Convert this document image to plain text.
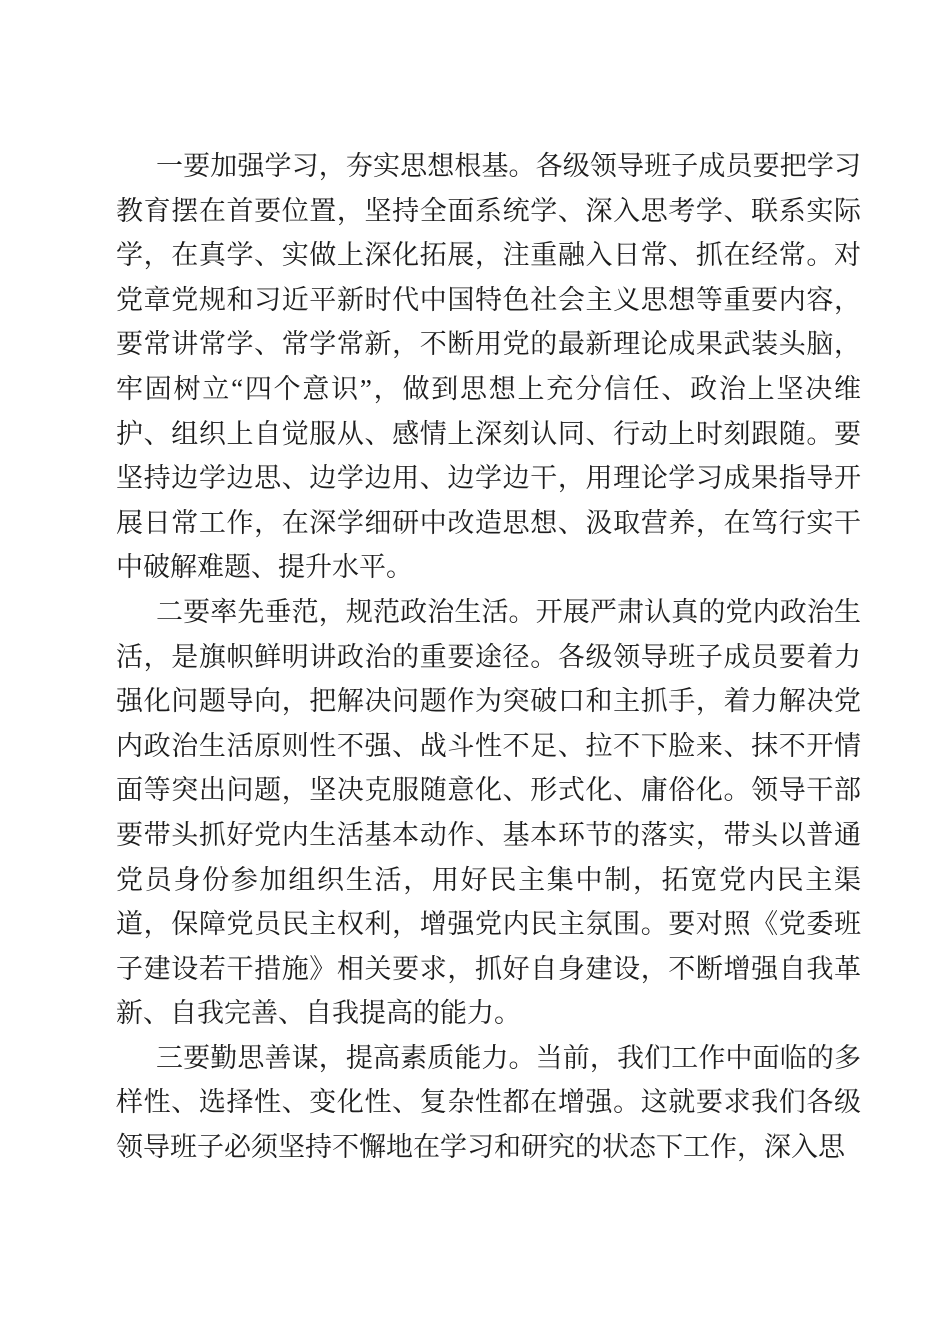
一要加强学习，夯实思想根基。各级领导班子成员要把学习教育摆在首要位置，坚持全面系统学、深入思考学、联系实际学，在真学、实做上深化拓展，注重融入日常、抓在经常。对党章党规和习近平新时代中国特色社会主义思想等重要内容，要常讲常学、常学常新，不断用党的最新理论成果武装头脑，牢固树立“四个意识”，做到思想上充分信任、政治上坚决维护、组织上自觉服从、感情上深刻认同、行动上时刻跟随。要坚持边学边思、边学边用、边学边干，用理论学习成果指导开展日常工作，在深学细研中改造思想、汲取营养，在笃行实干中破解难题、提升水平。

二要率先垂范，规范政治生活。开展严肃认真的党内政治生活，是旗帜鲜明讲政治的重要途径。各级领导班子成员要着力强化问题导向，把解决问题作为突破口和主抓手，着力解决党内政治生活原则性不强、战斗性不足、拉不下脸来、抹不开情面等突出问题，坚决克服随意化、形式化、庸俗化。领导干部要带头抓好党内生活基本动作、基本环节的落实，带头以普通党员身份参加组织生活，用好民主集中制，拓宽党内民主渠道，保障党员民主权利，增强党内民主氛围。要对照《党委班子建设若干措施》相关要求，抓好自身建设，不断增强自我革新、自我完善、自我提高的能力。

三要勤思善谋，提高素质能力。当前，我们工作中面临的多样性、选择性、变化性、复杂性都在增强。这就要求我们各级领导班子必须坚持不懈地在学习和研究的状态下工作，深入思
